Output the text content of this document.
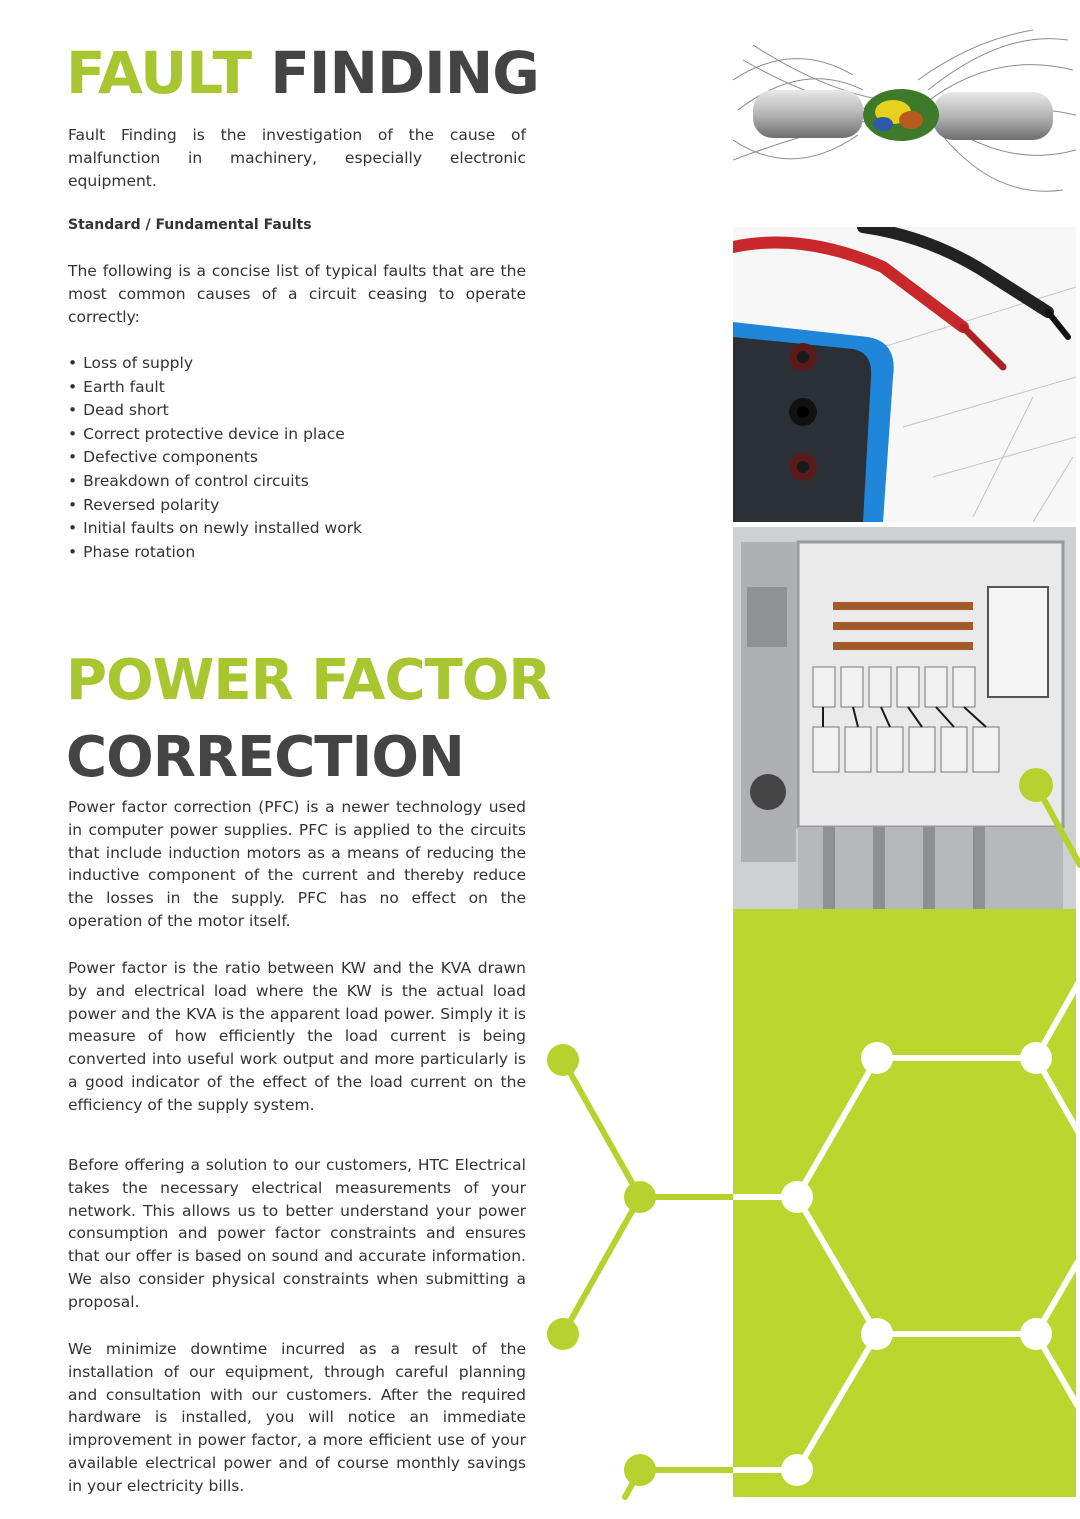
FAULT FINDING

Fault Finding is the investigation of the cause of malfunction in machinery, especially electronic equipment.

Standard / Fundamental Faults

The following is a concise list of typical faults that are the most common causes of a circuit ceasing to operate correctly:

• Loss of supply
• Earth fault
• Dead short
• Correct protective device in place
• Defective components
• Breakdown of control circuits
• Reversed polarity
• Initial faults on newly installed work
• Phase rotation
POWER FACTOR
CORRECTION

Power factor correction (PFC) is a newer technology used in computer power supplies. PFC is applied to the circuits that include induction motors as a means of reducing the inductive component of the current and thereby reduce the losses in the supply. PFC has no effect on the operation of the motor itself.

Power factor is the ratio between KW and the KVA drawn by and electrical load where the KW is the actual load power and the KVA is the apparent load power. Simply it is measure of how efficiently the load current is being converted into useful work output and more particularly is a good indicator of the effect of the load current on the efficiency of the supply system.

Before offering a solution to our customers, HTC Electrical takes the necessary electrical measurements of your network. This allows us to better understand your power consumption and power factor constraints and ensures that our offer is based on sound and accurate information. We also consider physical constraints when submitting a proposal.

We minimize downtime incurred as a result of the installation of our equipment, through careful planning and consultation with our customers. After the required hardware is installed, you will notice an immediate improvement in power factor, a more efficient use of your available electrical power and of course monthly savings in your electricity bills.
